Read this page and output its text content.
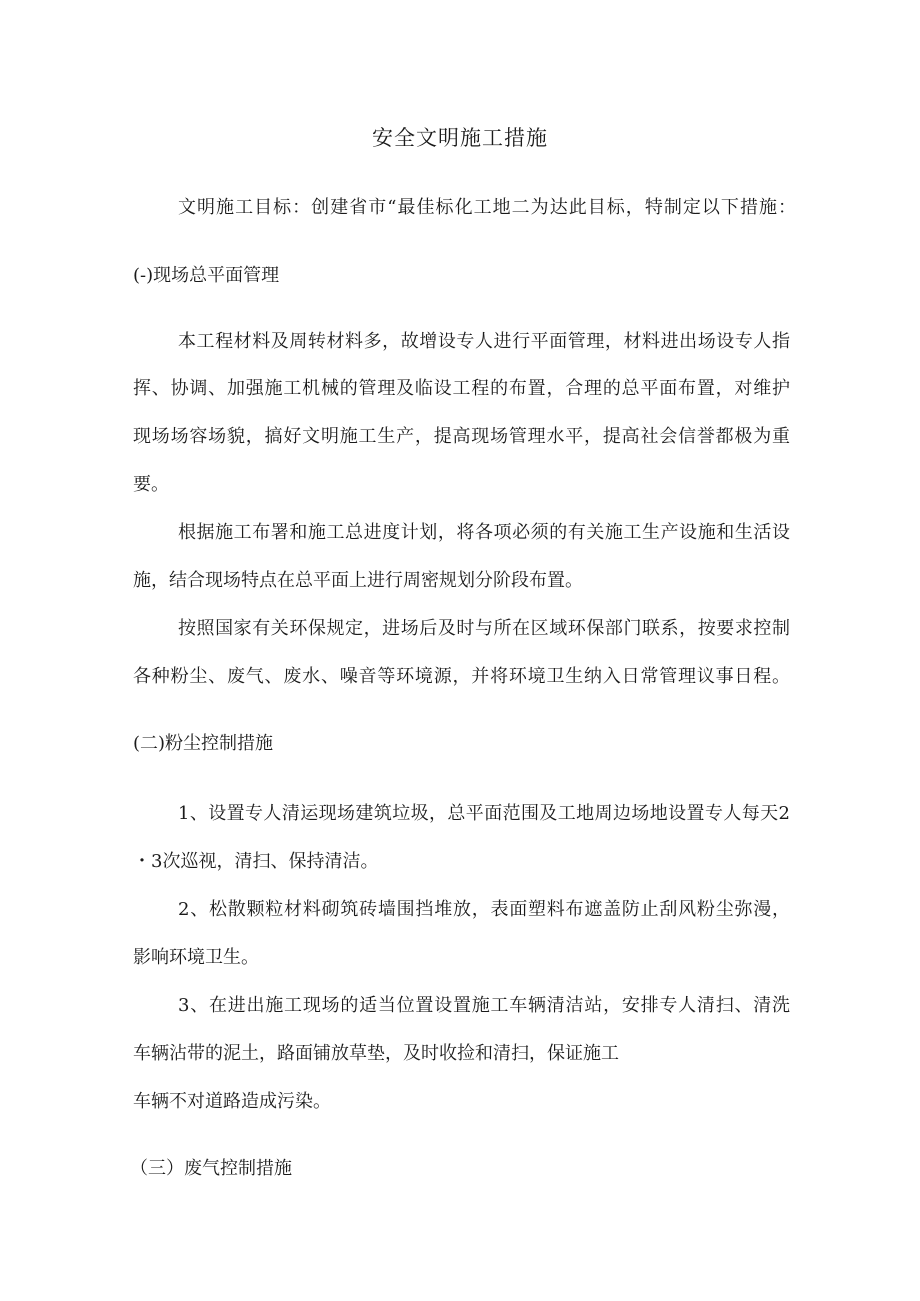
安全文明施工措施
文明施工目标：创建省市“最佳标化工地二为达此目标，特制定以下措施：
(-)现场总平面管理
本工程材料及周转材料多，故增设专人进行平面管理，材料进出场设专人指
挥、协调、加强施工机械的管理及临设工程的布置，合理的总平面布置，对维护
现场场容场貌，搞好文明施工生产，提高现场管理水平，提高社会信誉都极为重
要。
根据施工布署和施工总进度计划，将各项必须的有关施工生产设施和生活设
施，结合现场特点在总平面上进行周密规划分阶段布置。
按照国家有关环保规定，进场后及时与所在区域环保部门联系，按要求控制
各种粉尘、废气、废水、噪音等环境源，并将环境卫生纳入日常管理议事日程。
(二)粉尘控制措施
1、设置专人清运现场建筑垃圾，总平面范围及工地周边场地设置专人每天2
・3次巡视，清扫、保持清洁。
2、松散颗粒材料砌筑砖墙围挡堆放，表面塑料布遮盖防止刮风粉尘弥漫，
影响环境卫生。
3、在进出施工现场的适当位置设置施工车辆清洁站，安排专人清扫、清洗
车辆沾带的泥土，路面铺放草垫，及时收捡和清扫，保证施工
车辆不对道路造成污染。
（三）废气控制措施
